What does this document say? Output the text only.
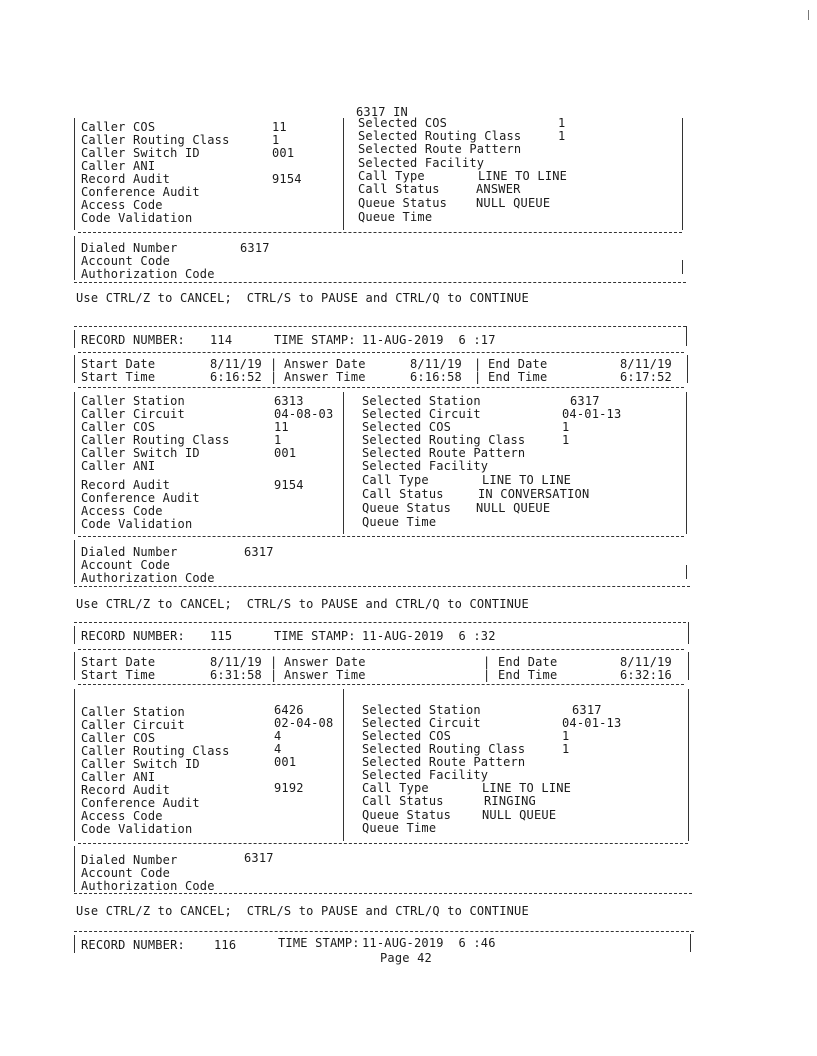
6317 IN
Caller COS	11
Caller Routing Class	1
Caller Switch ID	001
Caller ANI
Record Audit	9154
Conference Audit
Access Code
Code Validation
Selected COS	1
Selected Routing Class	1
Selected Route Pattern
Selected Facility
Call Type	LINE TO LINE
Call Status	ANSWER
Queue Status NULL QUEUE
Queue Time
Dialed Number	6317
Account Code
Authorization Code
Use CTRL/Z to CANCEL;  CTRL/S to PAUSE and CTRL/Q to CONTINUE
RECORD NUMBER: 114	TIME STAMP: 11-AUG-2019  6 :17
Start Date	8/11/19 | Answer Date	8/11/19 | End Date	8/11/19
Start Time	6:16:52 | Answer Time	6:16:58 | End Time	6:17:52
Caller Station	6313
Caller Circuit	04-08-03
Caller COS	11
Caller Routing Class	1
Caller Switch ID	001
Caller ANI
Record Audit	9154
Conference Audit
Access Code
Code Validation
Selected Station	6317
Selected Circuit	04-01-13
Selected COS	1
Selected Routing Class	1
Selected Route Pattern
Selected Facility
Call Type	LINE TO LINE
Call Status	IN CONVERSATION
Queue Status NULL QUEUE
Queue Time
Dialed Number	6317
Account Code
Authorization Code
Use CTRL/Z to CANCEL;  CTRL/S to PAUSE and CTRL/Q to CONTINUE
RECORD NUMBER: 115	TIME STAMP: 11-AUG-2019  6 :32
Start Date	8/11/19 | Answer Date	| End Date	8/11/19
Start Time	6:31:58 | Answer Time	| End Time	6:32:16
Caller Station	6426
Caller Circuit	02-04-08
Caller COS	4
Caller Routing Class	4
Caller Switch ID	001
Caller ANI
Record Audit	9192
Conference Audit
Access Code
Code Validation
Selected Station	6317
Selected Circuit	04-01-13
Selected COS	1
Selected Routing Class	1
Selected Route Pattern
Selected Facility
Call Type	LINE TO LINE
Call Status	RINGING
Queue Status	NULL QUEUE
Queue Time
Dialed Number	6317
Account Code
Authorization Code
Use CTRL/Z to CANCEL;  CTRL/S to PAUSE and CTRL/Q to CONTINUE
RECORD NUMBER: 116	TIME STAMP: 11-AUG-2019  6 :46
Page 42
